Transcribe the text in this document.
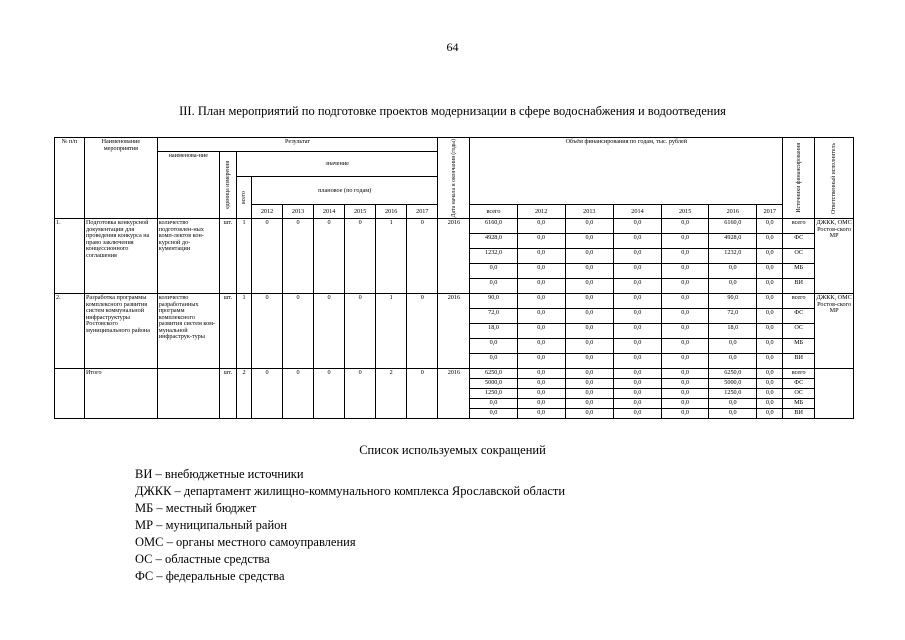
64
III. План мероприятий по подготовке проектов модернизации в сфере водоснабжения и водоотведения
№ п/п	Наименование мероприятия	Результат									Дата начала и окончания (годы)	Объём финансирования по годам, тыс. рублей							Источники финансирования	Ответственный исполнитель

		наименова-ние	единица измерения	значение																

				всего	плановое (по годам)															
					2012	2013	2014	2015	2016	2017		всего	2012	2013	2014	2015	2016	2017		
1.	Подготовка конкурсной документации для проведения конкурса на право заключения концессионного соглашения	количество подготовлен-ных комп-лектов кон-курсной до-кументации	шт.	1	0	0	0	0	1	0	2016	6160,0	0,0	0,0	0,0	0,0	6160,0	0,0	всего	ДЖКК, ОМС Ростов-ского МР
												4928,0	0,0	0,0	0,0	0,0	4928,0	0,0	ФС	
												1232,0	0,0	0,0	0,0	0,0	1232,0	0,0	ОС	
												0,0	0,0	0,0	0,0	0,0	0,0	0,0	МБ	
												0,0	0,0	0,0	0,0	0,0	0,0	0,0	ВИ	
2.	Разработка программы комплексного развития систем коммунальной инфраструктуры Ростовского муниципального района	количество разработанных программ комплексного развития систем ком-мунальной инфраструк-туры	шт.	1	0	0	0	0	1	0	2016	90,0	0,0	0,0	0,0	0,0	90,0	0,0	всего	ДЖКК, ОМС Ростов-ского МР
												72,0	0,0	0,0	0,0	0,0	72,0	0,0	ФС	
												18,0	0,0	0,0	0,0	0,0	18,0	0,0	ОС	
												0,0	0,0	0,0	0,0	0,0	0,0	0,0	МБ	
												0,0	0,0	0,0	0,0	0,0	0,0	0,0	ВИ	
	Итого		шт.	2	0	0	0	0	2	0	2016	6250,0	0,0	0,0	0,0	0,0	6250,0	0,0	всего	
												5000,0	0,0	0,0	0,0	0,0	5000,0	0,0	ФС	
												1250,0	0,0	0,0	0,0	0,0	1250,0	0,0	ОС	
												0,0	0,0	0,0	0,0	0,0	0,0	0,0	МБ	
												0,0	0,0	0,0	0,0	0,0	0,0	0,0	ВИ	
Список используемых сокращений
ВИ – внебюджетные источники
ДЖКК – департамент жилищно-коммунального комплекса Ярославской области
МБ – местный бюджет
МР – муниципальный район
ОМС – органы местного самоуправления
ОС – областные средства
ФС – федеральные средства
